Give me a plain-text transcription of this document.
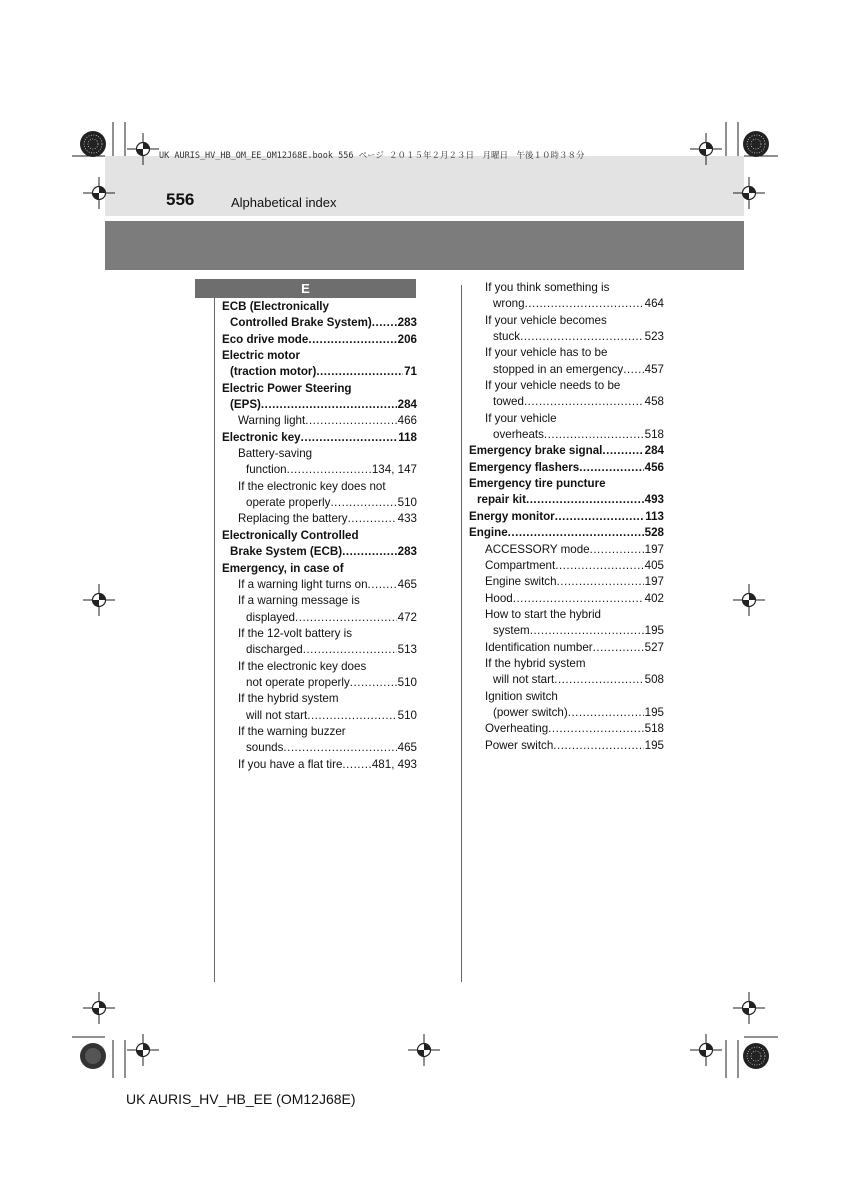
UK AURIS_HV_HB_OM_EE_OM12J68E.book 556 ページ ２０１５年２月２３日　月曜日　午後１０時３８分
556	Alphabetical index
E
ECB (Electronically
Controlled Brake System) ..... 283
Eco drive mode .....	206
Electric motor
(traction motor) .....	71
Electric Power Steering
(EPS) .....	284
Warning light .....	466
Electronic key .....	118
Battery-saving
function .....	134, 147
If the electronic key does not
operate properly .....	510
Replacing the battery .....	433
Electronically Controlled
Brake System (ECB) .....	283
Emergency, in case of
If a warning light turns on .....	465
If a warning message is
displayed .....	472
If the 12-volt battery is
discharged .....	513
If the electronic key does
not operate properly .....	510
If the hybrid system
will not start .....	510
If the warning buzzer
sounds .....	465
If you have a flat tire .....	481, 493
If you think something is
wrong .....	464
If your vehicle becomes
stuck .....	523
If your vehicle has to be
stopped in an emergency ..... 457
If your vehicle needs to be
towed .....	458
If your vehicle
overheats .....	518
Emergency brake signal .....	284
Emergency flashers .....	456
Emergency tire puncture
repair kit .....	493
Energy monitor .....	113
Engine .....	528
ACCESSORY mode .....	197
Compartment .....	405
Engine switch .....	197
Hood .....	402
How to start the hybrid
system .....	195
Identification number .....	527
If the hybrid system
will not start .....	508
Ignition switch
(power switch) .....	195
Overheating .....	518
Power switch .....	195
UK AURIS_HV_HB_EE (OM12J68E)
